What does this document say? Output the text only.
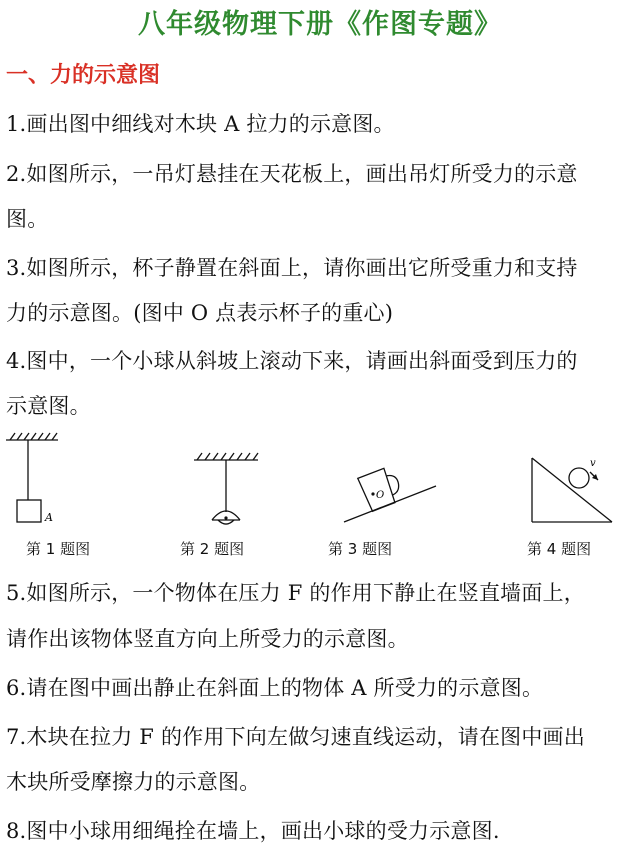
八年级物理下册《作图专题》
一、力的示意图
1.画出图中细线对木块 A 拉力的示意图。
2.如图所示，一吊灯悬挂在天花板上，画出吊灯所受力的示意
图。
3.如图所示，杯子静置在斜面上，请你画出它所受重力和支持
力的示意图。(图中 O 点表示杯子的重心)
4.图中，一个小球从斜坡上滚动下来，请画出斜面受到压力的
示意图。
A
O
v
第 1 题图	第 2 题图	第 3 题图	第 4 题图
5.如图所示，一个物体在压力 F 的作用下静止在竖直墙面上，
请作出该物体竖直方向上所受力的示意图。
6.请在图中画出静止在斜面上的物体 A 所受力的示意图。
7.木块在拉力 F 的作用下向左做匀速直线运动，请在图中画出
木块所受摩擦力的示意图。
8.图中小球用细绳拴在墙上，画出小球的受力示意图.
